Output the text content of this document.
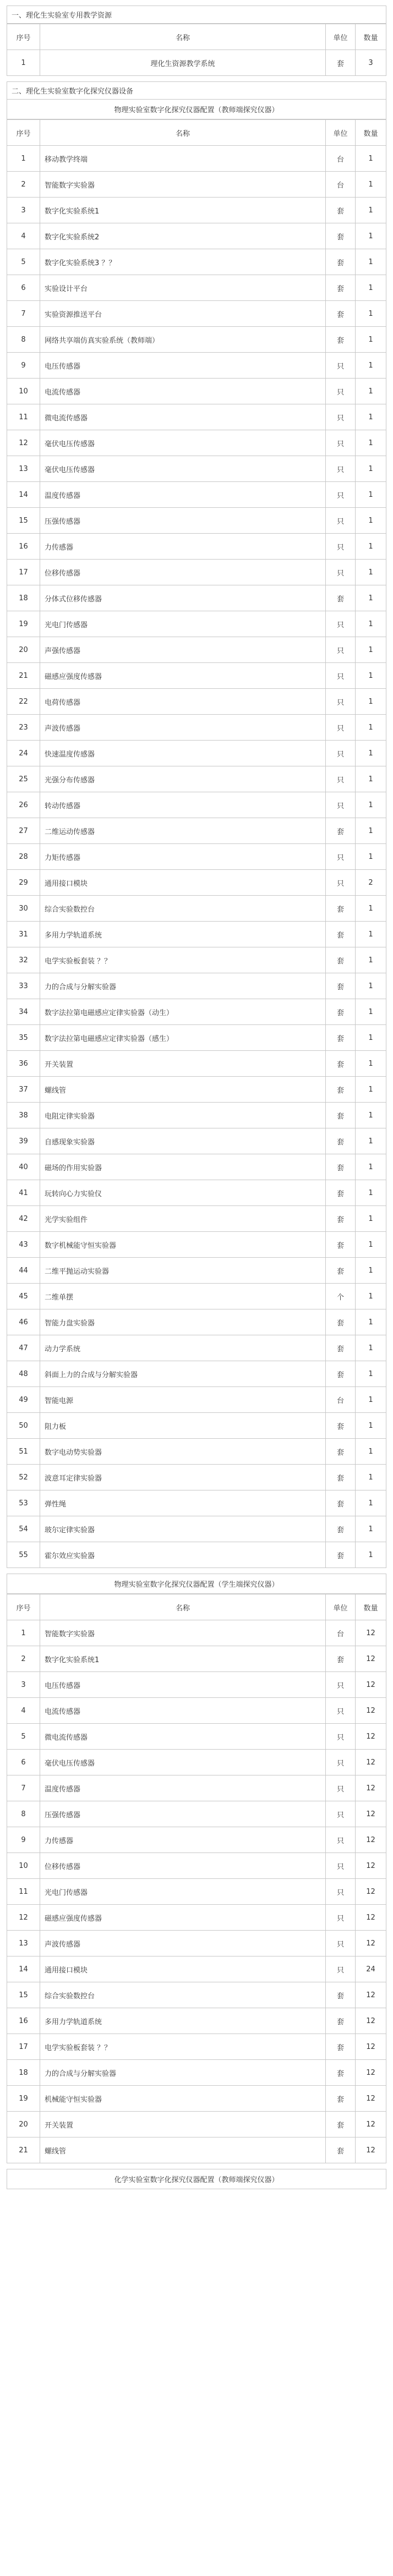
一、理化生实验室专用教学资源
序号	名称	单位	数量
1	理化生资源教学系统	套	3
二、理化生实验室数字化探究仪器设备
物理实验室数字化探究仪器配置（教师端探究仪器）
序号	名称	单位	数量
1	移动教学终端	台	1
2	智能数字实验器	台	1
3	数字化实验系统1	套	1
4	数字化实验系统2	套	1
5	数字化实验系统3 ？？	套	1
6	实验设计平台	套	1
7	实验资源推送平台	套	1
8	网络共享端仿真实验系统（教师端）	套	1
9	电压传感器	只	1
10	电流传感器	只	1
11	微电流传感器	只	1
12	毫伏电压传感器	只	1
13	毫伏电压传感器	只	1
14	温度传感器	只	1
15	压强传感器	只	1
16	力传感器	只	1
17	位移传感器	只	1
18	分体式位移传感器	套	1
19	光电门传感器	只	1
20	声强传感器	只	1
21	磁感应强度传感器	只	1
22	电荷传感器	只	1
23	声波传感器	只	1
24	快速温度传感器	只	1
25	光强分布传感器	只	1
26	转动传感器	只	1
27	二维运动传感器	套	1
28	力矩传感器	只	1
29	通用接口模块	只	2
30	综合实验数控台	套	1
31	多用力学轨道系统	套	1
32	电学实验板套装 ？？	套	1
33	力的合成与分解实验器	套	1
34	数字法拉第电磁感应定律实验器（动生）	套	1
35	数字法拉第电磁感应定律实验器（感生）	套	1
36	开关装置	套	1
37	螺线管	套	1
38	电阻定律实验器	套	1
39	自感现象实验器	套	1
40	磁场的作用实验器	套	1
41	玩转向心力实验仪	套	1
42	光学实验组件	套	1
43	数字机械能守恒实验器	套	1
44	二维平抛运动实验器	套	1
45	二维单摆	个	1
46	智能力盘实验器	套	1
47	动力学系统	套	1
48	斜面上力的合成与分解实验器	套	1
49	智能电源	台	1
50	阻力板	套	1
51	数字电动势实验器	套	1
52	波意耳定律实验器	套	1
53	弹性绳	套	1
54	玻尔定律实验器	套	1
55	霍尔效应实验器	套	1
物理实验室数字化探究仪器配置（学生端探究仪器）
序号	名称	单位	数量
1	智能数字实验器	台	12
2	数字化实验系统1	套	12
3	电压传感器	只	12
4	电流传感器	只	12
5	微电流传感器	只	12
6	毫伏电压传感器	只	12
7	温度传感器	只	12
8	压强传感器	只	12
9	力传感器	只	12
10	位移传感器	只	12
11	光电门传感器	只	12
12	磁感应强度传感器	只	12
13	声波传感器	只	12
14	通用接口模块	只	24
15	综合实验数控台	套	12
16	多用力学轨道系统	套	12
17	电学实验板套装 ？？	套	12
18	力的合成与分解实验器	套	12
19	机械能守恒实验器	套	12
20	开关装置	套	12
21	螺线管	套	12
化学实验室数字化探究仪器配置（教师端探究仪器）
